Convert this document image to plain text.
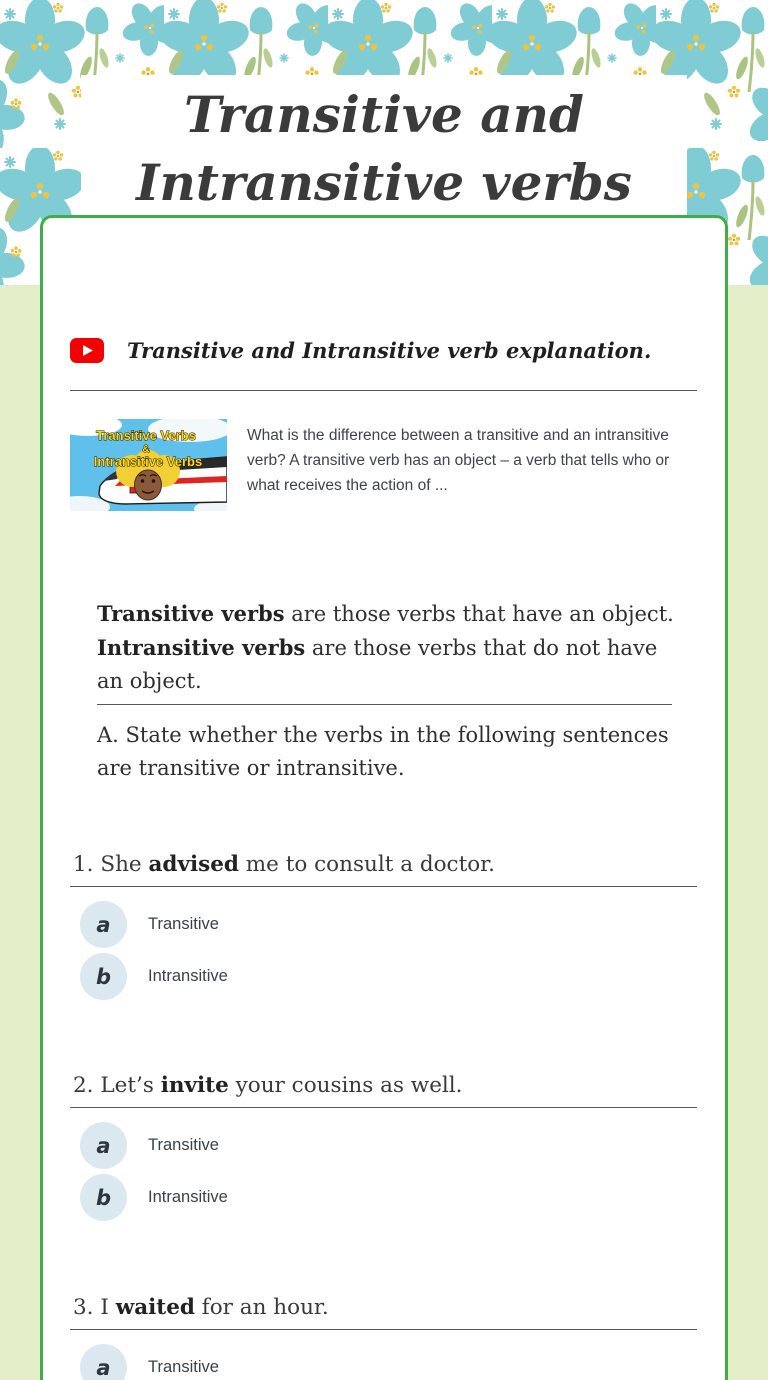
Transitive and
Intransitive verbs
Transitive and Intransitive verb explanation.
Transitive Verbs
&
Intransitive Verbs

What is the difference between a transitive and an intransitive verb? A transitive verb has an object – a verb that tells who or what receives the action of ...

Transitive verbs are those verbs that have an object.

Intransitive verbs are those verbs that do not have an object.

A. State whether the verbs in the following sentences are transitive or intransitive.

1. She advised me to consult a doctor.
a	Transitive
b	Intransitive
2. Let’s invite your cousins as well.
a	Transitive
b	Intransitive
3. I waited for an hour.
a	Transitive
